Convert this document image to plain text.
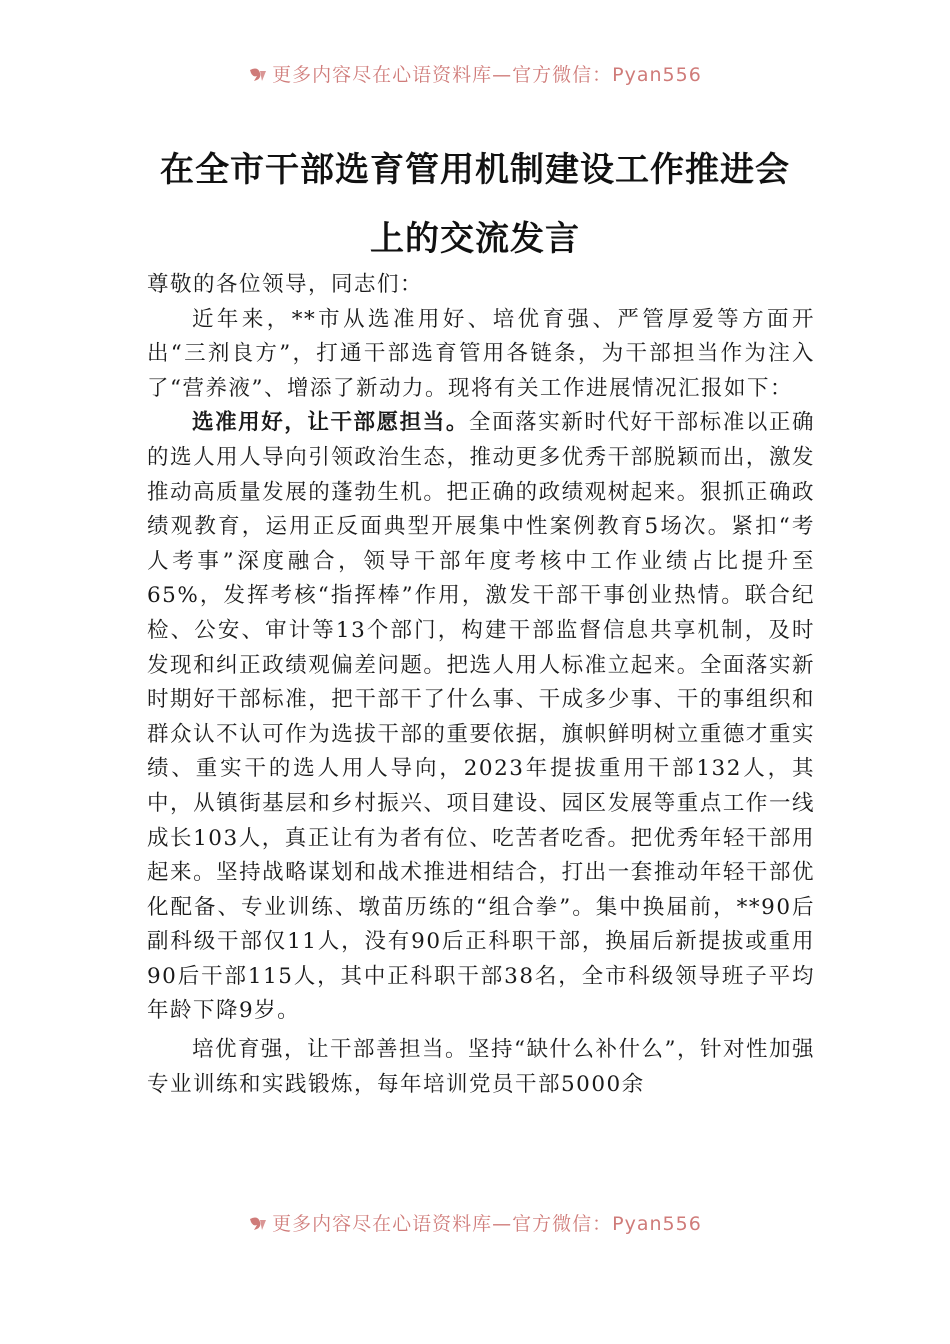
更多内容尽在心语资料库—官方微信：Pyan556
在全市干部选育管用机制建设工作推进会
上的交流发言

尊敬的各位领导，同志们：

近年来，**市从选准用好、培优育强、严管厚爱等方面开出“三剂良方”，打通干部选育管用各链条，为干部担当作为注入了“营养液”、增添了新动力。现将有关工作进展情况汇报如下：

选准用好，让干部愿担当。全面落实新时代好干部标准以正确的选人用人导向引领政治生态，推动更多优秀干部脱颖而出，激发推动高质量发展的蓬勃生机。把正确的政绩观树起来。狠抓正确政绩观教育，运用正反面典型开展集中性案例教育5场次。紧扣“考人考事”深度融合，领导干部年度考核中工作业绩占比提升至65%，发挥考核“指挥棒”作用，激发干部干事创业热情。联合纪检、公安、审计等13个部门，构建干部监督信息共享机制，及时发现和纠正政绩观偏差问题。把选人用人标准立起来。全面落实新时期好干部标准，把干部干了什么事、干成多少事、干的事组织和群众认不认可作为选拔干部的重要依据，旗帜鲜明树立重德才重实绩、重实干的选人用人导向，2023年提拔重用干部132人，其中，从镇街基层和乡村振兴、项目建设、园区发展等重点工作一线成长103人，真正让有为者有位、吃苦者吃香。把优秀年轻干部用起来。坚持战略谋划和战术推进相结合，打出一套推动年轻干部优化配备、专业训练、墩苗历练的“组合拳”。集中换届前，**90后副科级干部仅11人，没有90后正科职干部，换届后新提拔或重用90后干部115人，其中正科职干部38名，全市科级领导班子平均年龄下降9岁。

培优育强，让干部善担当。坚持“缺什么补什么”，针对性加强专业训练和实践锻炼，每年培训党员干部5000余

更多内容尽在心语资料库—官方微信：Pyan556
